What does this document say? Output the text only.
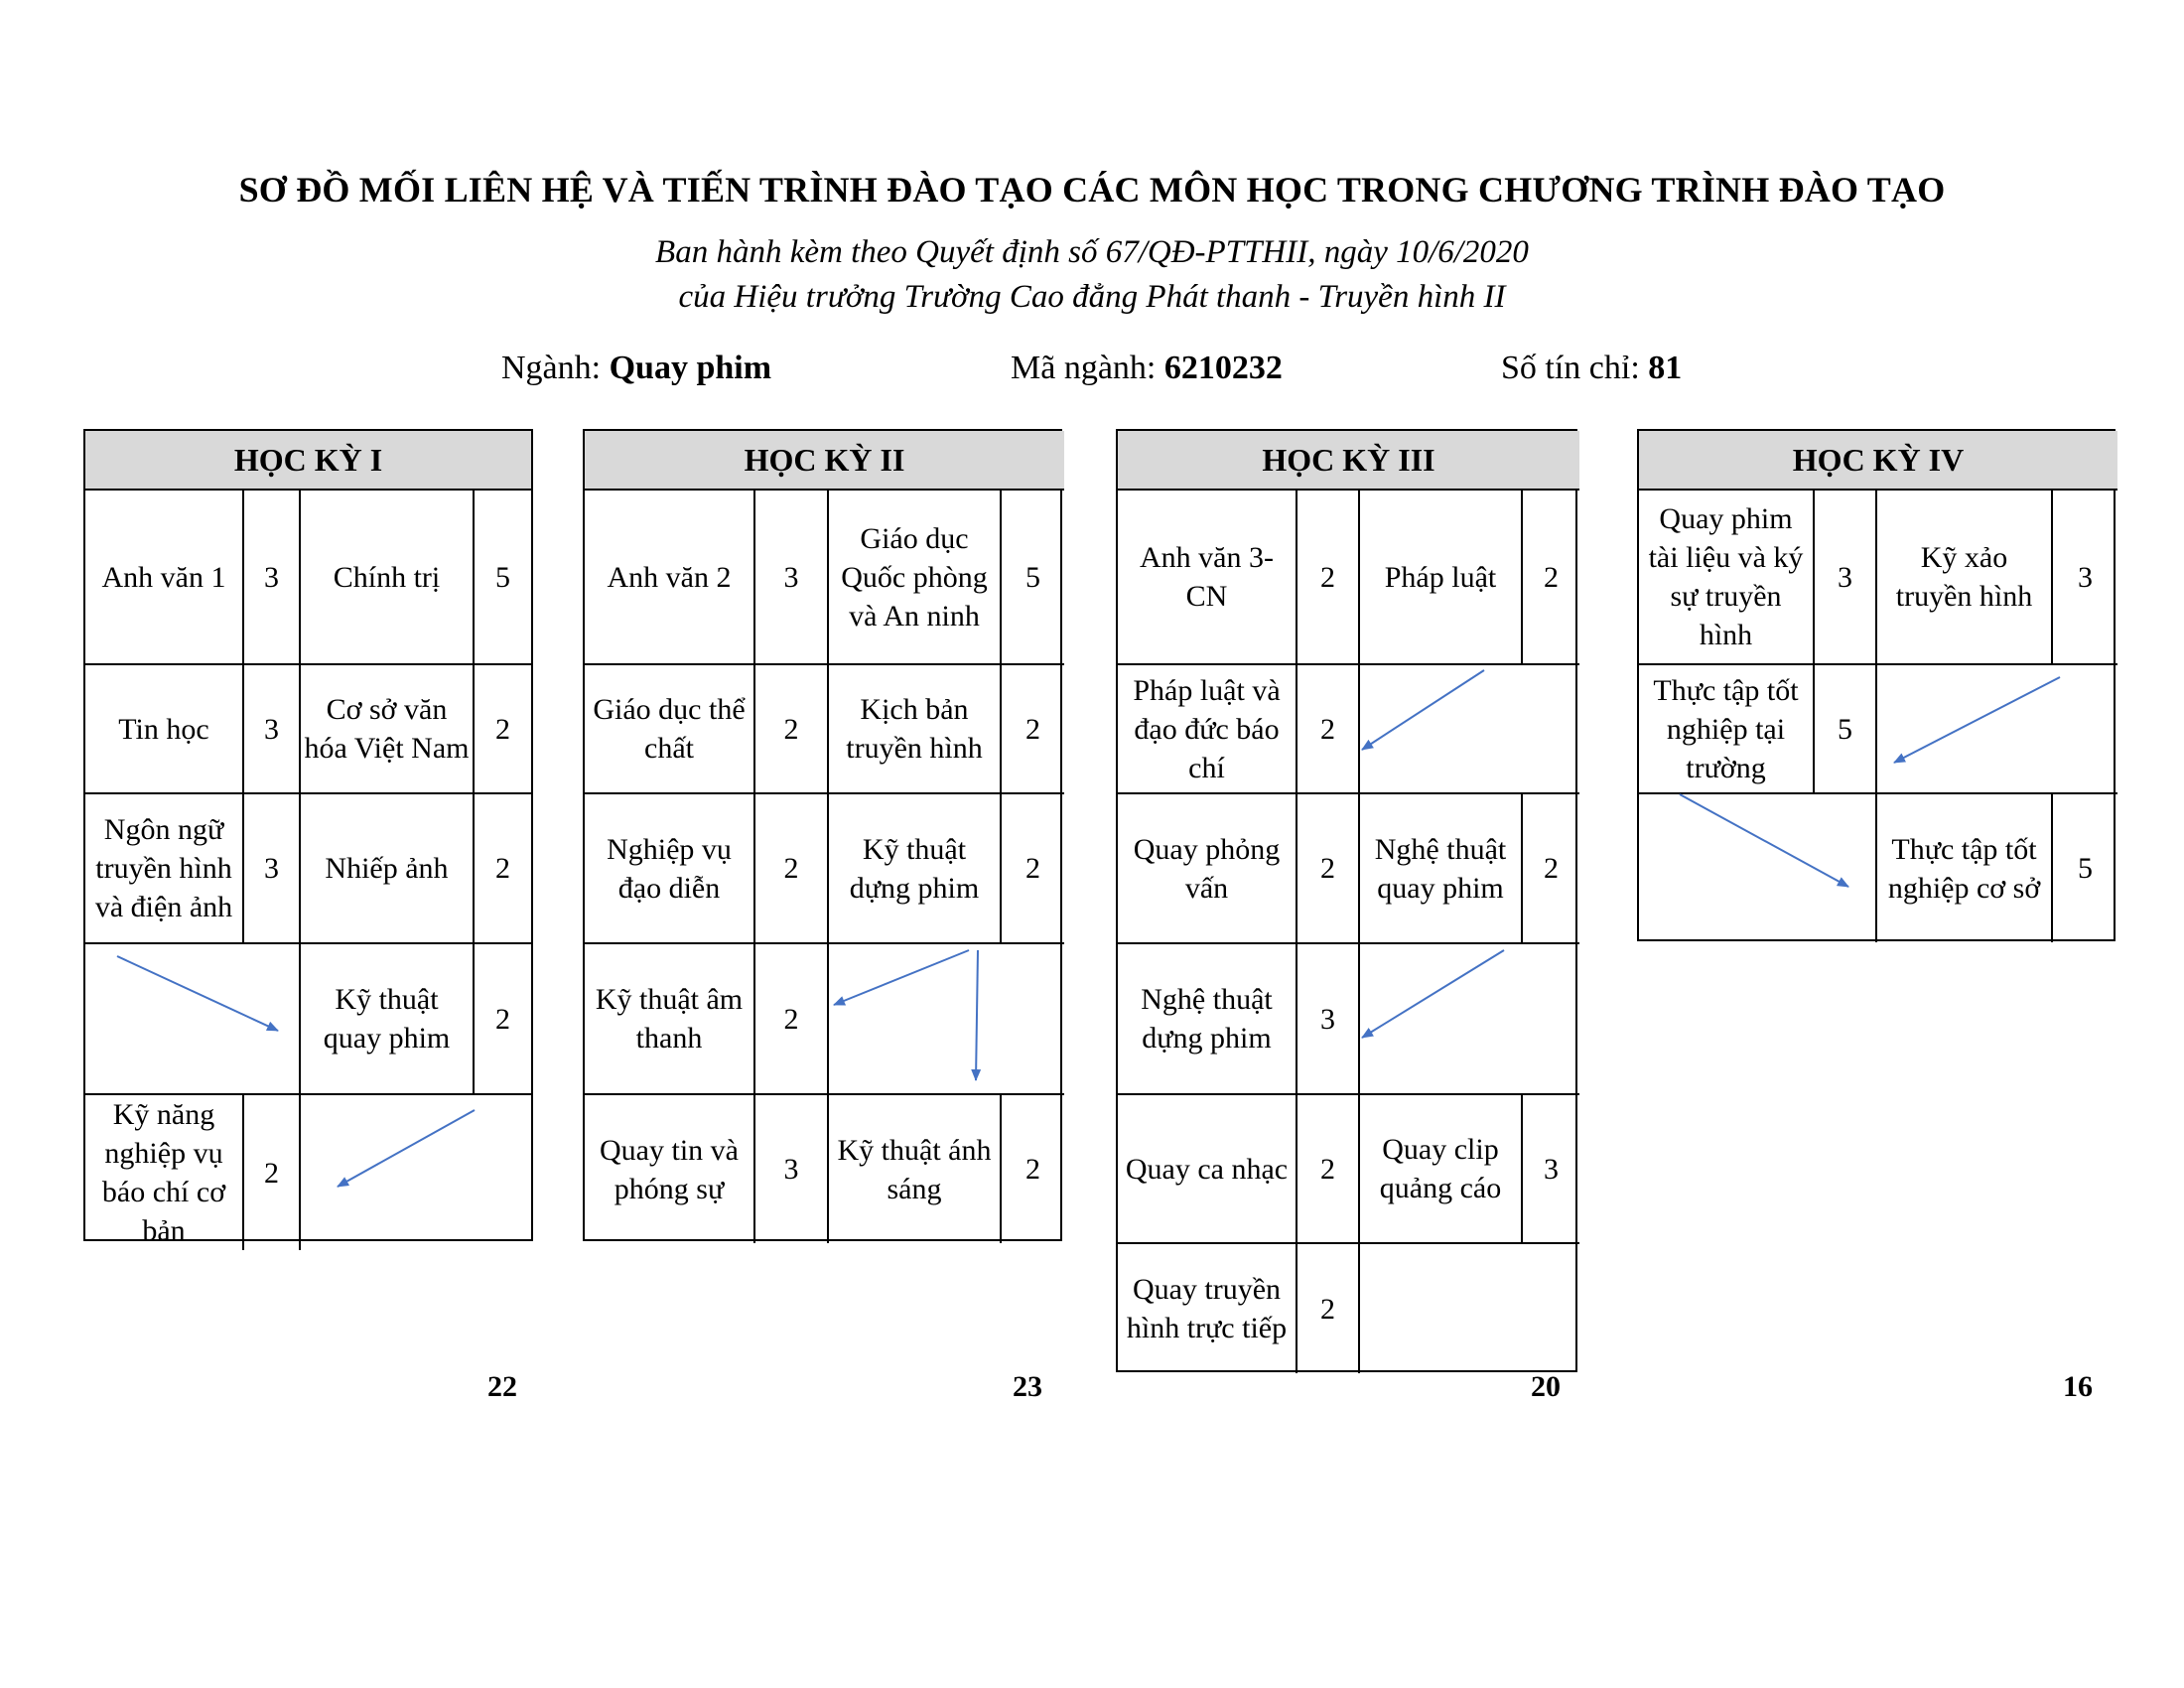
SƠ ĐỒ MỐI LIÊN HỆ VÀ TIẾN TRÌNH ĐÀO TẠO CÁC MÔN HỌC TRONG CHƯƠNG TRÌNH ĐÀO TẠO
Ban hành kèm theo Quyết định số 67/QĐ-PTTHII, ngày 10/6/2020
của Hiệu trưởng Trường Cao đẳng Phát thanh - Truyền hình II
Ngành: Quay phim	Mã ngành: 6210232	Số tín chỉ: 81
HỌC KỲ I			
Anh văn 1	3	Chính trị	5
Tin học	3	Cơ sở văn hóa Việt Nam	2
Ngôn ngữ truyền hình và điện ảnh	3	Nhiếp ảnh	2
		Kỹ thuật quay phim	2
Kỹ năng nghiệp vụ báo chí cơ bản	2		
HỌC KỲ II			
Anh văn 2	3	Giáo dục Quốc phòng và An ninh	5
Giáo dục thể chất	2	Kịch bản truyền hình	2
Nghiệp vụ đạo diễn	2	Kỹ thuật dựng phim	2
Kỹ thuật âm thanh	2		
Quay tin và phóng sự	3	Kỹ thuật ánh sáng	2
HỌC KỲ III			
Anh văn 3-CN	2	Pháp luật	2
Pháp luật và đạo đức báo chí	2		
Quay phỏng vấn	2	Nghệ thuật quay phim	2
Nghệ thuật dựng phim	3		
Quay ca nhạc	2	Quay clip quảng cáo	3
Quay truyền hình trực tiếp	2		
HỌC KỲ IV			
Quay phim tài liệu và ký sự truyền hình	3	Kỹ xảo truyền hình	3
Thực tập tốt nghiệp tại trường	5		
		Thực tập tốt nghiệp cơ sở	5
22	23	20	16
